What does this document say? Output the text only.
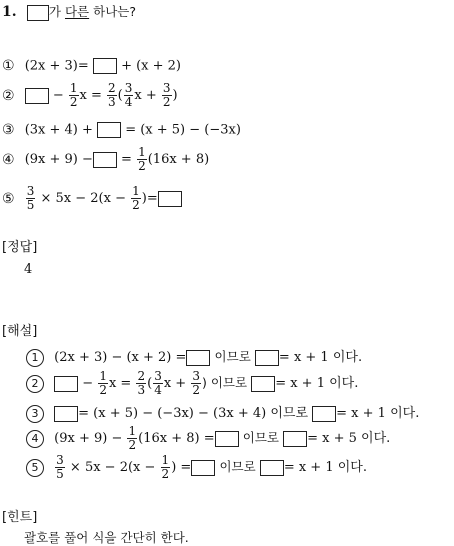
1.	가 다른 하나는?
① (2x + 3)= + (x + 2)
②	− $\frac{1}{2}$ $x = \frac{2}{3}$ ( $\frac{3}{4}$ $x + \frac{3}{2}$ )
③ (3x + 4) + = (x + 5) − (−3x)
④ (9x + 9) − = $\frac{1}{2} (16x + 8)$
⑤ $\frac{3}{5} \times 5x - 2(x - \frac{1}{2}$ )=
[정답]
4
[해설]
1 (2x + 3) − (x + 2) = 이므로 = x + 1 이다.
2	− $\frac{1}{2}$ $x = \frac{2}{3}$ ( $\frac{3}{4}$ $x + \frac{3}{2}$ ) 이므로 = x + 1 이다.
3	= (x + 5) − (−3x) − (3x + 4) 이므로 = x + 1 이다.
4 $(9x + 9) - \frac{1}{2} (16x + 8)$ = 이므로 = x + 5 이다.
$5 \frac{3}{5} \times 5x - 2(x - \frac{1}{2}$ ) = 이므로 = x + 1 이다.
[힌트]
괄호를 풀어 식을 간단히 한다.
